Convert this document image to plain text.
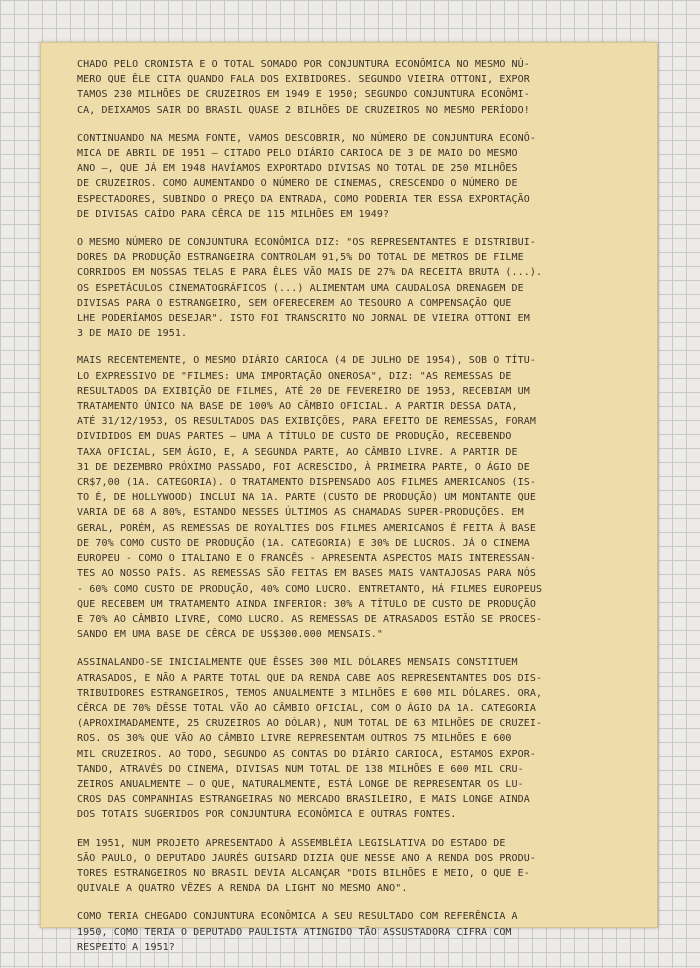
CHADO PELO CRONISTA E O TOTAL SOMADO POR CONJUNTURA ECONÔMICA NO MESMO NÚ-
MERO QUE ÊLE CITA QUANDO FALA DOS EXIBIDORES. SEGUNDO VIEIRA OTTONI, EXPOR
TAMOS 230 MILHÕES DE CRUZEIROS EM 1949 E 1950; SEGUNDO CONJUNTURA ECONÔMI-
CA, DEIXAMOS SAIR DO BRASIL QUASE 2 BILHÕES DE CRUZEIROS NO MESMO PERÍODO!
CONTINUANDO NA MESMA FONTE, VAMOS DESCOBRIR, NO NÚMERO DE CONJUNTURA ECONÔ-
MICA DE ABRIL DE 1951 — CITADO PELO DIÁRIO CARIOCA DE 3 DE MAIO DO MESMO
ANO —, QUE JÁ EM 1948 HAVÍAMOS EXPORTADO DIVISAS NO TOTAL DE 250 MILHÕES
DE CRUZEIROS. COMO AUMENTANDO O NÚMERO DE CINEMAS, CRESCENDO O NÚMERO DE
ESPECTADORES, SUBINDO O PREÇO DA ENTRADA, COMO PODERIA TER ESSA EXPORTAÇÃO
DE DIVISAS CAÍDO PARA CÊRCA DE 115 MILHÕES EM 1949?
O MESMO NÚMERO DE CONJUNTURA ECONÔMICA DIZ: "OS REPRESENTANTES E DISTRIBUI-
DORES DA PRODUÇÃO ESTRANGEIRA CONTROLAM 91,5% DO TOTAL DE METROS DE FILME
CORRIDOS EM NOSSAS TELAS E PARA ÊLES VÃO MAIS DE 27% DA RECEITA BRUTA (...).
OS ESPETÁCULOS CINEMATOGRÁFICOS (...) ALIMENTAM UMA CAUDALOSA DRENAGEM DE
DIVISAS PARA O ESTRANGEIRO, SEM OFERECEREM AO TESOURO A COMPENSAÇÃO QUE
LHE PODERÍAMOS DESEJAR". ISTO FOI TRANSCRITO NO JORNAL DE VIEIRA OTTONI EM
3 DE MAIO DE 1951.
MAIS RECENTEMENTE, O MESMO DIÁRIO CARIOCA (4 DE JULHO DE 1954), SOB O TÍTU-
LO EXPRESSIVO DE "FILMES: UMA IMPORTAÇÃO ONEROSA", DIZ: "AS REMESSAS DE
RESULTADOS DA EXIBIÇÃO DE FILMES, ATÉ 20 DE FEVEREIRO DE 1953, RECEBIAM UM
TRATAMENTO ÚNICO NA BASE DE 100% AO CÂMBIO OFICIAL. A PARTIR DESSA DATA,
ATÉ 31/12/1953, OS RESULTADOS DAS EXIBIÇÕES, PARA EFEITO DE REMESSAS, FORAM
DIVIDIDOS EM DUAS PARTES — UMA A TÍTULO DE CUSTO DE PRODUÇÃO, RECEBENDO
TAXA OFICIAL, SEM ÁGIO, E, A SEGUNDA PARTE, AO CÂMBIO LIVRE. A PARTIR DE
31 DE DEZEMBRO PRÓXIMO PASSADO, FOI ACRESCIDO, À PRIMEIRA PARTE, O ÁGIO DE
CR$7,00 (1A. CATEGORIA). O TRATAMENTO DISPENSADO AOS FILMES AMERICANOS (IS-
TO É, DE HOLLYWOOD) INCLUI NA 1A. PARTE (CUSTO DE PRODUÇÃO) UM MONTANTE QUE
VARIA DE 68 A 80%, ESTANDO NESSES ÚLTIMOS AS CHAMADAS SUPER-PRODUÇÕES. EM
GERAL, PORÉM, AS REMESSAS DE ROYALTIES DOS FILMES AMERICANOS É FEITA À BASE
DE 70% COMO CUSTO DE PRODUÇÃO (1A. CATEGORIA) E 30% DE LUCROS. JÁ O CINEMA
EUROPEU - COMO O ITALIANO E O FRANCÊS - APRESENTA ASPECTOS MAIS INTERESSAN-
TES AO NOSSO PAÍS. AS REMESSAS SÃO FEITAS EM BASES MAIS VANTAJOSAS PARA NÓS
- 60% COMO CUSTO DE PRODUÇÃO, 40% COMO LUCRO. ENTRETANTO, HÁ FILMES EUROPEUS
QUE RECEBEM UM TRATAMENTO AINDA INFERIOR: 30% A TÍTULO DE CUSTO DE PRODUÇÃO
E 70% AO CÂMBIO LIVRE, COMO LUCRO. AS REMESSAS DE ATRASADOS ESTÃO SE PROCES-
SANDO EM UMA BASE DE CÊRCA DE US$300.000 MENSAIS."
ASSINALANDO-SE INICIALMENTE QUE ÊSSES 300 MIL DÓLARES MENSAIS CONSTITUEM
ATRASADOS, E NÃO A PARTE TOTAL QUE DA RENDA CABE AOS REPRESENTANTES DOS DIS-
TRIBUIDORES ESTRANGEIROS, TEMOS ANUALMENTE 3 MILHÕES E 600 MIL DÓLARES. ORA,
CÊRCA DE 70% DÊSSE TOTAL VÃO AO CÂMBIO OFICIAL, COM O ÁGIO DA 1A. CATEGORIA
(APROXIMADAMENTE, 25 CRUZEIROS AO DÓLAR), NUM TOTAL DE 63 MILHÕES DE CRUZEI-
ROS. OS 30% QUE VÃO AO CÂMBIO LIVRE REPRESENTAM OUTROS 75 MILHÕES E 600
MIL CRUZEIROS. AO TODO, SEGUNDO AS CONTAS DO DIÁRIO CARIOCA, ESTAMOS EXPOR-
TANDO, ATRAVÉS DO CINEMA, DIVISAS NUM TOTAL DE 138 MILHÕES E 600 MIL CRU-
ZEIROS ANUALMENTE — O QUE, NATURALMENTE, ESTÁ LONGE DE REPRESENTAR OS LU-
CROS DAS COMPANHIAS ESTRANGEIRAS NO MERCADO BRASILEIRO, E MAIS LONGE AINDA
DOS TOTAIS SUGERIDOS POR CONJUNTURA ECONÔMICA E OUTRAS FONTES.
EM 1951, NUM PROJETO APRESENTADO À ASSEMBLÉIA LEGISLATIVA DO ESTADO DE
SÃO PAULO, O DEPUTADO JAURÉS GUISARD DIZIA QUE NESSE ANO A RENDA DOS PRODU-
TORES ESTRANGEIROS NO BRASIL DEVIA ALCANÇAR "DOIS BILHÕES E MEIO, O QUE E-
QUIVALE A QUATRO VÊZES A RENDA DA LIGHT NO MESMO ANO".
COMO TERIA CHEGADO CONJUNTURA ECONÔMICA A SEU RESULTADO COM REFERÊNCIA A
1950, COMO TERIA O DEPUTADO PAULISTA ATINGIDO TÃO ASSUSTADORA CIFRA COM
RESPEITO A 1951?
